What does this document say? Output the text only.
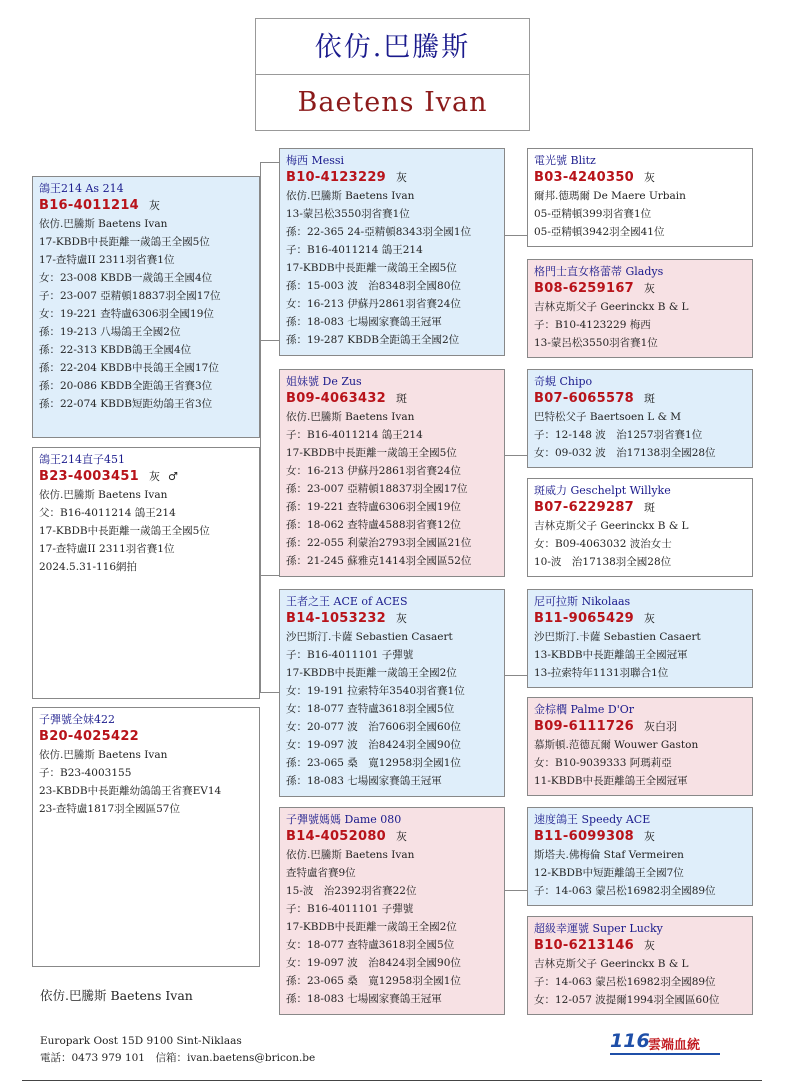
依仿.巴騰斯
Baetens Ivan
鴿王214 As 214
B16-4011214 灰
依仿.巴騰斯 Baetens Ivan
17-KBDB中長距離一歲鴿王全國5位
17-查特盧II 2311羽省賽1位
女：23-008 KBDB一歲鴿王全國4位
子：23-007 亞精頓18837羽全國17位
女：19-221 查特盧6306羽全國19位
孫：19-213 八場鴿王全國2位
孫：22-313 KBDB鴿王全國4位
孫：22-204 KBDB中長鴿王全國17位
孫：20-086 KBDB全距鴿王省賽3位
孫：22-074 KBDB短距幼鴿王省3位
鴿王214直子451
B23-4003451 灰 ♂
依仿.巴騰斯 Baetens Ivan
父：B16-4011214 鴿王214
17-KBDB中長距離一歲鴿王全國5位
17-查特盧II 2311羽省賽1位
2024.5.31-116網拍
子彈號全妹422
B20-4025422
依仿.巴騰斯 Baetens Ivan
子：B23-4003155
23-KBDB中長距離幼鴿鴿王省賽EV14
23-查特盧1817羽全國區57位
梅西 Messi
B10-4123229 灰
依仿.巴騰斯 Baetens Ivan
13-蒙呂松3550羽省賽1位
孫：22-365 24-亞精頓8343羽全國1位
子：B16-4011214 鴿王214
17-KBDB中長距離一歲鴿王全國5位
孫：15-003 波　治8348羽全國80位
女：16-213 伊蘇丹2861羽省賽24位
孫：18-083 七場國家賽鴿王冠軍
孫：19-287 KBDB全距鴿王全國2位
姐妹號 De Zus
B09-4063432 斑
依仿.巴騰斯 Baetens Ivan
子：B16-4011214 鴿王214
17-KBDB中長距離一歲鴿王全國5位
女：16-213 伊蘇丹2861羽省賽24位
孫：23-007 亞精頓18837羽全國17位
孫：19-221 查特盧6306羽全國19位
孫：18-062 查特盧4588羽省賽12位
孫：22-055 利蒙治2793羽全國區21位
孫：21-245 蘇雅克1414羽全國區52位
王者之王 ACE of ACES
B14-1053232 灰
沙巴斯汀.卡薩 Sebastien Casaert
子：B16-4011101 子彈號
17-KBDB中長距離一歲鴿王全國2位
女：19-191 拉索特年3540羽省賽1位
女：18-077 查特盧3618羽全國5位
女：20-077 波　治7606羽全國60位
女：19-097 波　治8424羽全國90位
孫：23-065 桑　寛12958羽全國1位
孫：18-083 七場國家賽鴿王冠軍
子彈號媽媽 Dame 080
B14-4052080 灰
依仿.巴騰斯 Baetens Ivan
查特盧省賽9位
15-波　治2392羽省賽22位
子：B16-4011101 子彈號
17-KBDB中長距離一歲鴿王全國2位
女：18-077 查特盧3618羽全國5位
女：19-097 波　治8424羽全國90位
孫：23-065 桑　寛12958羽全國1位
孫：18-083 七場國家賽鴿王冠軍
電光號 Blitz
B03-4240350 灰
爾邦.德瑪爾 De Maere Urbain
05-亞精頓399羽省賽1位
05-亞精頓3942羽全國41位
格門士直女格蕾蒂 Gladys
B08-6259167 灰
吉林克斯父子 Geerinckx B & L
子：B10-4123229 梅西
13-蒙呂松3550羽省賽1位
奇蜆 Chipo
B07-6065578 斑
巴特松父子 Baertsoen L & M
子：12-148 波　治1257羽省賽1位
女：09-032 波　治17138羽全國28位
斑威力 Geschelpt Willyke
B07-6229287 斑
吉林克斯父子 Geerinckx B & L
女：B09-4063032 波治女士
10-波　治17138羽全國28位
尼可拉斯 Nikolaas
B11-9065429 灰
沙巴斯汀.卡薩 Sebastien Casaert
13-KBDB中長距離鴿王全國冠軍
13-拉索特年1131羽聯合1位
金棕櫚 Palme D'Or
B09-6111726 灰白羽
慕斯頓.范德瓦爾 Wouwer Gaston
女：B10-9039333 阿瑪莉亞
11-KBDB中長距離鴿王全國冠軍
速度鴿王 Speedy ACE
B11-6099308 灰
斯塔夫.佛梅倫 Staf Vermeiren
12-KBDB中短距離鴿王全國7位
子：14-063 蒙呂松16982羽全國89位
超級幸運號 Super Lucky
B10-6213146 灰
吉林克斯父子 Geerinckx B & L
子：14-063 蒙呂松16982羽全國89位
女：12-057 波提爾1994羽全國區60位
依仿.巴騰斯 Baetens Ivan
Europark Oost 15D 9100 Sint-Niklaas
電話：0473 979 101　信箱：ivan.baetens@bricon.be
116
雲端血統
